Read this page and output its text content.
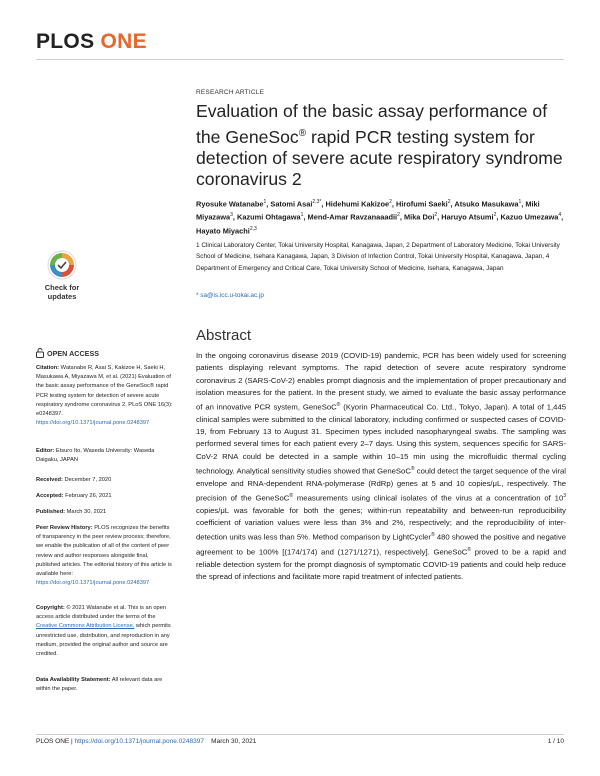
PLOS ONE
Check for
updates
RESEARCH ARTICLE
Evaluation of the basic assay performance of the GeneSoc® rapid PCR testing system for detection of severe acute respiratory syndrome coronavirus 2
Ryosuke Watanabe$^1$, Satomi Asai$^{2,3*}$, Hidehumi Kakizoe$^2$, Hirofumi Saeki$^2$, Atsuko Masukawa$^1$, Miki Miyazawa$^3$, Kazumi Ohtagawa$^1$, Mend-Amar Ravzanaaadii$^2$, Mika Doi$^2$, Haruyo Atsumi$^2$, Kazuo Umezawa$^4$, Hayato Miyachi$^{2,3}$
1 Clinical Laboratory Center, Tokai University Hospital, Kanagawa, Japan, 2 Department of Laboratory Medicine, Tokai University School of Medicine, Isehara Kanagawa, Japan, 3 Division of Infection Control, Tokai University Hospital, Kanagawa, Japan, 4 Department of Emergency and Critical Care, Tokai University School of Medicine, Isehara, Kanagawa, Japan
* sa@is.icc.u-tokai.ac.jp
OPEN ACCESS
Citation: Watanabe R, Asai S, Kakizoe H, Saeki H, Masukawa A, Miyazawa M, et al. (2021) Evaluation of the basic assay performance of the GeneSoc® rapid PCR testing system for detection of severe acute respiratory syndrome coronavirus 2. PLoS ONE 16(3): e0248397. https://doi.org/10.1371/journal.pone.0248397
Editor: Etsuro Ito, Waseda University: Waseda Daigaku, JAPAN
Received: December 7, 2020
Accepted: February 26, 2021
Published: March 30, 2021
Peer Review History: PLOS recognizes the benefits of transparency in the peer review process; therefore, we enable the publication of all of the content of peer review and author responses alongside final, published articles. The editorial history of this article is available here: https://doi.org/10.1371/journal.pone.0248397
Copyright: © 2021 Watanabe et al. This is an open access article distributed under the terms of the Creative Commons Attribution License, which permits unrestricted use, distribution, and reproduction in any medium, provided the original author and source are credited.
Data Availability Statement: All relevant data are within the paper.
Abstract
In the ongoing coronavirus disease 2019 (COVID-19) pandemic, PCR has been widely used for screening patients displaying relevant symptoms. The rapid detection of severe acute respiratory syndrome coronavirus 2 (SARS-CoV-2) enables prompt diagnosis and the implementation of proper precautionary and isolation measures for the patient. In the present study, we aimed to evaluate the basic assay performance of an innovative PCR system, GeneSoC® (Kyorin Pharmaceutical Co. Ltd., Tokyo, Japan). A total of 1,445 clinical samples were submitted to the clinical laboratory, including confirmed or suspected cases of COVID-19, from February 13 to August 31. Specimen types included nasopharyngeal swabs. The sampling was performed several times for each patient every 2–7 days. Using this system, sequences specific for SARS-CoV-2 RNA could be detected in a sample within 10–15 min using the microfluidic thermal cycling technology. Analytical sensitivity studies showed that GeneSoC® could detect the target sequence of the viral envelope and RNA-dependent RNA-polymerase (RdRp) genes at 5 and 10 copies/μL, respectively. The precision of the GeneSoC® measurements using clinical isolates of the virus at a concentration of $10^3$ copies/μL was favorable for both the genes; within-run repeatability and between-run reproducibility coefficient of variation values were less than 3% and 2%, respectively; and the reproducibility of inter-detection units was less than 5%. Method comparison by LightCycler® 480 showed the positive and negative agreement to be 100% [(174/174) and (1271/1271), respectively]. GeneSoC® proved to be a rapid and reliable detection system for the prompt diagnosis of symptomatic COVID-19 patients and could help reduce the spread of infections and facilitate more rapid treatment of infected patients.
PLOS ONE | https://doi.org/10.1371/journal.pone.0248397 March 30, 2021	1 / 10
